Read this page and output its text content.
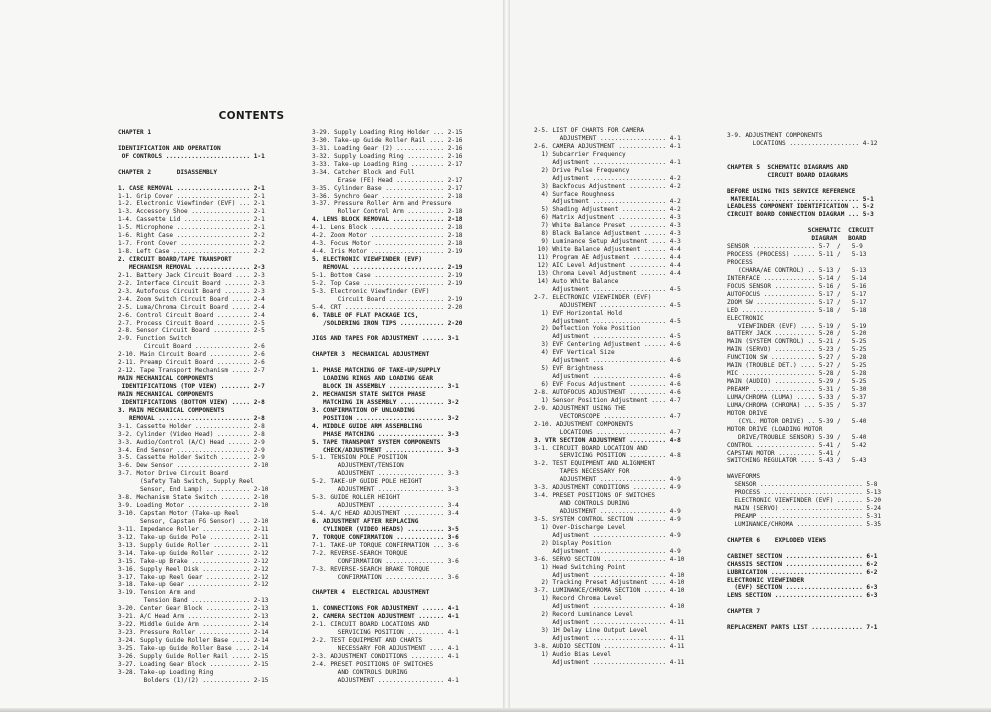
CONTENTS
CHAPTER 1
IDENTIFICATION AND OPERATION
OF CONTROLS ....................... 1-1
CHAPTER 2       DISASSEMBLY
1. CASE REMOVAL .................... 2-1
1-1. Grip Cover .................... 2-1
1-2. Electronic Viewfinder (EVF) ... 2-1
1-3. Accessory Shoe ................ 2-1
1-4. Cassette Lid .................. 2-1
1-5. Microphone .................... 2-1
1-6. Right Case .................... 2-2
1-7. Front Cover ................... 2-2
1-8. Left Case ..................... 2-2
2. CIRCUIT BOARD/TAPE TRANSPORT
MECHANISM REMOVAL ............... 2-3
2-1. Battery Jack Circuit Board .... 2-3
2-2. Interface Circuit Board ....... 2-3
2-3. Autofocus Circuit Board ....... 2-3
2-4. Zoom Switch Circuit Board ..... 2-4
2-5. Luma/Chroma Circuit Board ..... 2-4
2-6. Control Circuit Board ......... 2-4
2-7. Process Circuit Board ......... 2-5
2-8. Sensor Circuit Board .......... 2-5
2-9. Function Switch
Circuit Board ............... 2-6
2-10. Main Circuit Board ........... 2-6
2-11. Preamp Circuit Board ......... 2-6
2-12. Tape Transport Mechanism ..... 2-7
MAIN MECHANICAL COMPONENTS
IDENTIFICATIONS (TOP VIEW) ........ 2-7
MAIN MECHANICAL COMPONENTS
IDENTIFICATIONS (BOTTOM VIEW) ..... 2-8
3. MAIN MECHANICAL COMPONENTS
REMOVAL ......................... 2-8
3-1. Cassette Holder ............... 2-8
3-2. Cylinder (Video Head) ......... 2-8
3-3. Audio/Control (A/C) Head ...... 2-9
3-4. End Sensor .................... 2-9
3-5. Cassette Holder Switch ........ 2-9
3-6. Dew Sensor .................... 2-10
3-7. Motor Drive Circuit Board
(Safety Tab Switch, Supply Reel
Sensor, End Lamp) ............ 2-10
3-8. Mechanism State Switch ........ 2-10
3-9. Loading Motor ................. 2-10
3-10. Capstan Motor (Take-up Reel
Sensor, Capstan FG Sensor) ... 2-10
3-11. Impedance Roller ............. 2-11
3-12. Take-up Guide Pole ........... 2-11
3-13. Supply Guide Roller .......... 2-11
3-14. Take-up Guide Roller ......... 2-12
3-15. Take-up Brake ................ 2-12
3-16. Supply Reel Disk ............. 2-12
3-17. Take-up Reel Gear ............ 2-12
3-18. Take-up Gear ................. 2-12
3-19. Tension Arm and
Tension Band ................ 2-13
3-20. Center Gear Block ............ 2-13
3-21. A/C Head Arm ................. 2-13
3-22. Middle Guide Arm ............. 2-14
3-23. Pressure Roller .............. 2-14
3-24. Supply Guide Roller Base ..... 2-14
3-25. Take-up Guide Roller Base .... 2-14
3-26. Supply Guide Roller Rail ..... 2-15
3-27. Loading Gear Block ........... 2-15
3-28. Take-up Loading Ring
Bolders (1)/(2) ............. 2-15
3-29. Supply Loading Ring Holder ... 2-15
3-30. Take-up Guide Roller Rail .... 2-16
3-31. Loading Gear (2) ............. 2-16
3-32. Supply Loading Ring .......... 2-16
3-33. Take-up Loading Ring ......... 2-17
3-34. Catcher Block and Full
Erase (FE) Head ............. 2-17
3-35. Cylinder Base ................ 2-17
3-36. Synchro Gear ................. 2-18
3-37. Pressure Roller Arm and Pressure
Roller Control Arm .......... 2-18
4. LENS BLOCK REMOVAL .............. 2-18
4-1. Lens Block .................... 2-18
4-2. Zoom Motor .................... 2-18
4-3. Focus Motor ................... 2-18
4-4. Iris Motor .................... 2-19
5. ELECTRONIC VIEWFINDER (EVF)
REMOVAL ......................... 2-19
5-1. Bottom Case ................... 2-19
5-2. Top Case ...................... 2-19
5-3. Electronic Viewfinder (EVF)
Circuit Board ............... 2-19
5-4. CRT ........................... 2-20
6. TABLE OF FLAT PACKAGE ICS,
/SOLDERING IRON TIPS ............ 2-20
JIGS AND TAPES FOR ADJUSTMENT ...... 3-1
CHAPTER 3  MECHANICAL ADJUSTMENT
1. PHASE MATCHING OF TAKE-UP/SUPPLY
LOADING RINGS AND LOADING GEAR
BLOCK IN ASSEMBLY ............... 3-1
2. MECHANISM STATE SWITCH PHASE
MATCHING IN ASSEMBLY ............ 3-2
3. CONFIRMATION OF UNLOADING
POSITION ........................ 3-2
4. MIDDLE GUIDE ARM ASSEMBLING
PHASE MATCHING .................. 3-3
5. TAPE TRANSPORT SYSTEM COMPONENTS
CHECK/ADJUSTMENT ................ 3-3
5-1. TENSION POLE POSITION
ADJUSTMENT/TENSION
ADJUSTMENT .................. 3-3
5-2. TAKE-UP GUIDE POLE HEIGHT
ADJUSTMENT .................. 3-3
5-3. GUIDE ROLLER HEIGHT
ADJUSTMENT .................. 3-4
5-4. A/C HEAD ADJUSTMENT ........... 3-4
6. ADJUSTMENT AFTER REPLACING
CYLINDER (VIDEO HEADS) .......... 3-5
7. TORQUE CONFIRMATION ............. 3-6
7-1. TAKE-UP TORQUE CONFIRMATION ... 3-6
7-2. REVERSE-SEARCH TORQUE
CONFIRMATION ................ 3-6
7-3. REVERSE-SEARCH BRAKE TORQUE
CONFIRMATION ................ 3-6
CHAPTER 4  ELECTRICAL ADJUSTMENT
1. CONNECTIONS FOR ADJUSTMENT ...... 4-1
2. CAMERA SECTION ADJUSTMENT ....... 4-1
2-1. CIRCUIT BOARD LOCATIONS AND
SERVICING POSITION .......... 4-1
2-2. TEST EQUIPMENT AND CHARTS
NECESSARY FOR ADJUSTMENT .... 4-1
2-3. ADJUSTMENT CONDITIONS ......... 4-1
2-4. PRESET POSITIONS OF SWITCHES
AND CONTROLS DURING
ADJUSTMENT .................. 4-1
2-5. LIST OF CHARTS FOR CAMERA
ADJUSTMENT .................. 4-1
2-6. CAMERA ADJUSTMENT ............. 4-1
1) Subcarrier Frequency
Adjustment .................... 4-1
2) Drive Pulse Frequency
Adjustment .................... 4-2
3) Backfocus Adjustment .......... 4-2
4) Surface Roughness
Adjustment .................... 4-2
5) Shading Adjustment ............ 4-2
6) Matrix Adjustment ............. 4-3
7) White Balance Preset .......... 4-3
8) Black Balance Adjustment ...... 4-3
9) Luminance Setup Adjustment .... 4-3
10) White Balance Adjustment ...... 4-4
11) Program AE Adjustment ......... 4-4
12) AIC Level Adjustment .......... 4-4
13) Chroma Level Adjustment ....... 4-4
14) Auto White Balance
Adjustment .................... 4-5
2-7. ELECTRONIC VIEWFINDER (EVF)
ADJUSTMENT .................. 4-5
1) EVF Horizontal Hold
Adjustment .................... 4-5
2) Deflection Yoke Position
Adjustment .................... 4-5
3) EVF Centering Adjustment ...... 4-6
4) EVF Vertical Size
Adjustment .................... 4-6
5) EVF Brightness
Adjustment .................... 4-6
6) EVF Focus Adjustment .......... 4-6
2-8. AUTOFOCUS ADJUSTMENT .......... 4-6
1) Sensor Position Adjustment .... 4-7
2-9. ADJUSTMENT USING THE
VECTORSCOPE ................. 4-7
2-10. ADJUSTMENT COMPONENTS
LOCATIONS ................... 4-7
3. VTR SECTION ADJUSTMENT .......... 4-8
3-1. CIRCUIT BOARD LOCATION AND
SERVICING POSITION .......... 4-8
3-2. TEST EQUIPMENT AND ALIGNMENT
TAPES NECESSARY FOR
ADJUSTMENT .................. 4-9
3-3. ADJUSTMENT CONDITIONS ......... 4-9
3-4. PRESET POSITIONS OF SWITCHES
AND CONTROLS DURING
ADJUSTMENT .................. 4-9
3-5. SYSTEM CONTROL SECTION ........ 4-9
1) Over-Discharge Level
Adjustment .................... 4-9
2) Display Position
Adjustment .................... 4-9
3-6. SERVO SECTION ................. 4-10
1) Head Switching Point
Adjustment .................... 4-10
2) Tracking Preset Adjustment .... 4-10
3-7. LUMINANCE/CHROMA SECTION ...... 4-10
1) Record Chroma Level
Adjustment .................... 4-10
2) Record Luminance Level
Adjustment .................... 4-11
3) 1H Delay Line Output Level
Adjustment .................... 4-11
3-8. AUDIO SECTION ................. 4-11
1) Audio Bias Level
Adjustment .................... 4-11
3-9. ADJUSTMENT COMPONENTS
LOCATIONS ................... 4-12
CHAPTER 5  SCHEMATIC DIAGRAMS AND
CIRCUIT BOARD DIAGRAMS
BEFORE USING THIS SERVICE REFERENCE
MATERIAL .......................... 5-1
LEADLESS COMPONENT IDENTIFICATION .. 5-2
CIRCUIT BOARD CONNECTION DIAGRAM ... 5-3
SCHEMATIC  CIRCUIT
DIAGRAM   BOARD
SENSOR ................. 5-7  /   5-9
PROCESS (PROCESS) ...... 5-11 /   5-13
PROCESS
(CHARA/AE CONTROL) .. 5-13 /   5-13
INTERFACE .............. 5-14 /   5-14
FOCUS SENSOR ........... 5-16 /   5-16
AUTOFOCUS .............. 5-17 /   5-17
ZOOM SW ................ 5-17 /   5-17
LED .................... 5-18 /   5-18
ELECTRONIC
VIEWFINDER (EVF) .... 5-19 /   5-19
BATTERY JACK ........... 5-20 /   5-20
MAIN (SYSTEM CONTROL) .. 5-21 /   5-25
MAIN (SERVO) ........... 5-23 /   5-25
FUNCTION SW ............ 5-27 /   5-28
MAIN (TROUBLE DET.) .... 5-27 /   5-25
MIC .................... 5-28 /   5-28
MAIN (AUDIO) ........... 5-29 /   5-25
PREAMP ................. 5-31 /   5-30
LUMA/CHROMA (LUMA) ..... 5-33 /   5-37
LUMA/CHROMA (CHROMA) ... 5-35 /   5-37
MOTOR DRIVE
(CYL. MOTOR DRIVE) .. 5-39 /   5-40
MOTOR DRIVE (LOADING MOTOR
DRIVE/TROUBLE SENSOR) 5-39 /   5-40
CONTROL ................ 5-41 /   5-42
CAPSTAN MOTOR .......... 5-41 /
SWITCHING REGULATOR .... 5-43 /   5-43
WAVEFORMS
SENSOR ............................ 5-8
PROCESS ........................... 5-13
ELECTRONIC VIEWFINDER (EVF) ....... 5-20
MAIN (SERVO) ...................... 5-24
PREAMP ............................ 5-31
LUMINANCE/CHROMA .................. 5-35
CHAPTER 6    EXPLODED VIEWS
CABINET SECTION ..................... 6-1
CHASSIS SECTION ..................... 6-2
LUBRICATION ......................... 6-2
ELECTRONIC VIEWFINDER
(EVF) SECTION ..................... 6-3
LENS SECTION ........................ 6-3
CHAPTER 7
REPLACEMENT PARTS LIST .............. 7-1
